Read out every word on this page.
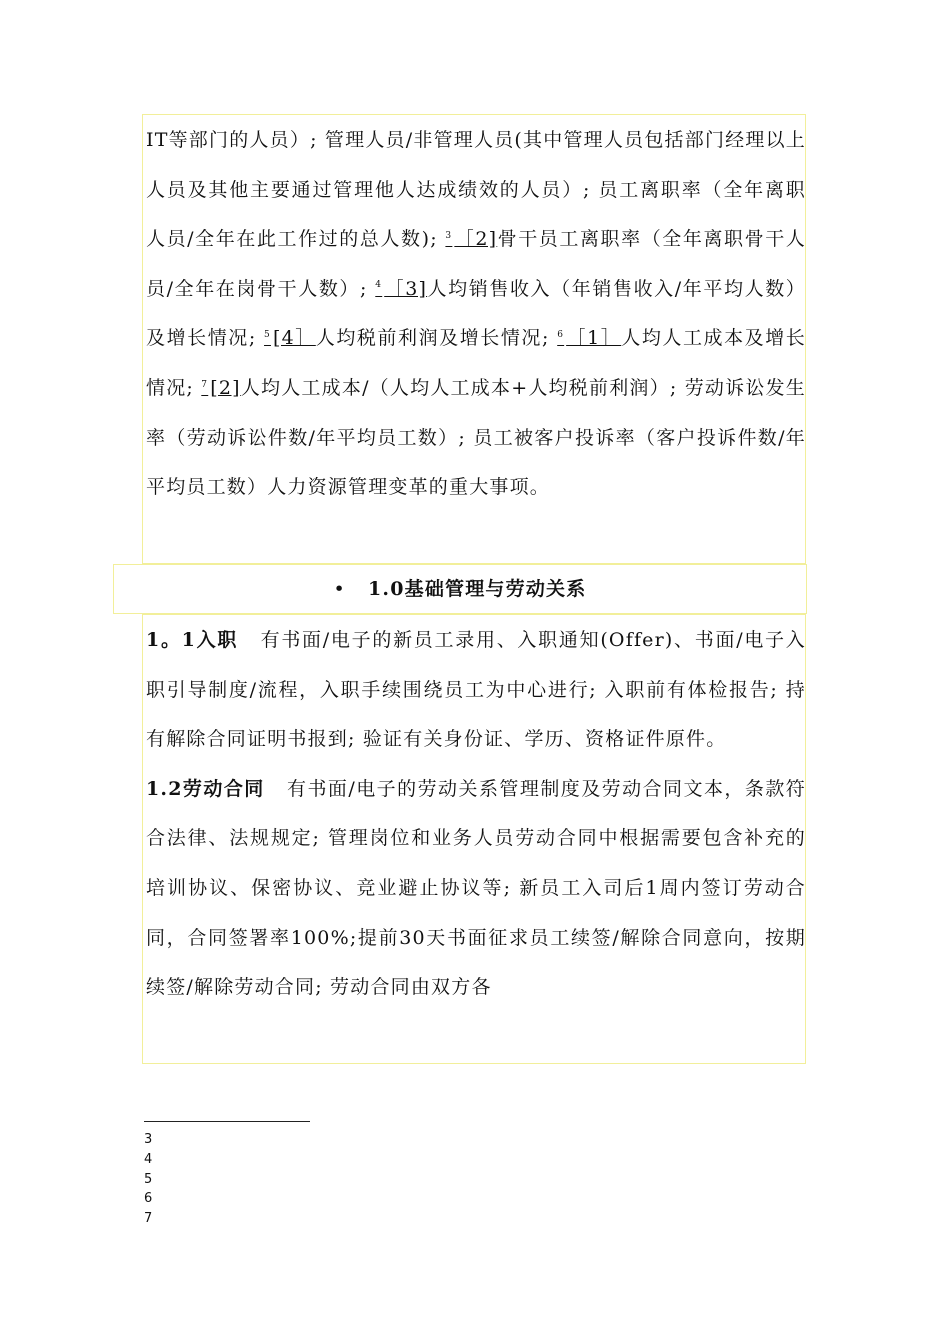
IT等部门的人员）; 管理人员/非管理人员(其中管理人员包括部门经理以上人员及其他主要通过管理他人达成绩效的人员）; 员工离职率（全年离职人员/全年在此工作过的总人数); $^3$ ［2]骨干员工离职率（全年离职骨干人员/全年在岗骨干人数）; $^4$ ［3]人均销售收入（年销售收入/年平均人数）及增长情况; $^5$ [4］人均税前利润及增长情况; $^6$ ［1］人均人工成本及增长情况; $^7$ [2]人均人工成本/（人均人工成本+人均税前利润）; 劳动诉讼发生率（劳动诉讼件数/年平均员工数）; 员工被客户投诉率（客户投诉件数/年平均员工数）人力资源管理变革的重大事项。
• 1.0基础管理与劳动关系
1。1入职 有书面/电子的新员工录用、入职通知(Offer)、书面/电子入职引导制度/流程，入职手续围绕员工为中心进行; 入职前有体检报告; 持有解除合同证明书报到; 验证有关身份证、学历、资格证件原件。
1.2劳动合同 有书面/电子的劳动关系管理制度及劳动合同文本，条款符合法律、法规规定; 管理岗位和业务人员劳动合同中根据需要包含补充的培训协议、保密协议、竞业避止协议等; 新员工入司后1周内签订劳动合同，合同签署率100%;提前30天书面征求员工续签/解除合同意向，按期续签/解除劳动合同; 劳动合同由双方各
3
4
5
6
7
